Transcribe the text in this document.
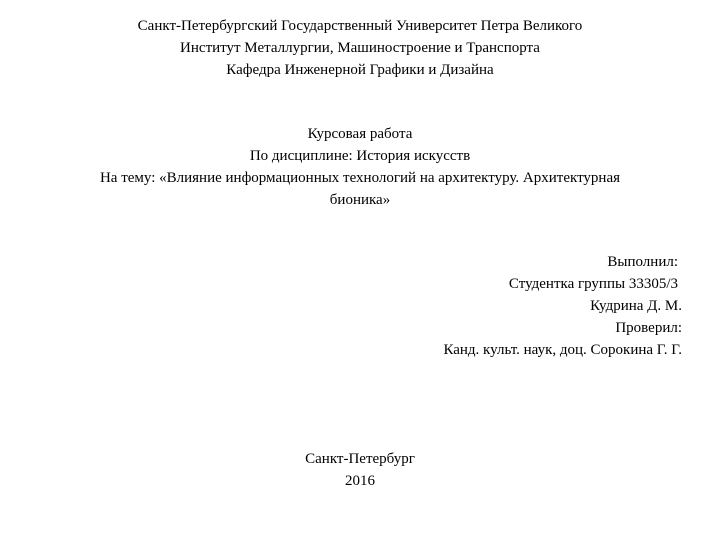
Санкт-Петербургский Государственный Университет Петра Великого
Институт Металлургии, Машиностроение и Транспорта
Кафедра Инженерной Графики и Дизайна
Курсовая работа
По дисциплине: История искусств
На тему: «Влияние информационных технологий на архитектуру. Архитектурная
бионика»
Выполнил:
Студентка группы 33305/3
Кудрина Д. М.
Проверил:
Канд. культ. наук, доц. Сорокина Г. Г.
Санкт-Петербург
2016
